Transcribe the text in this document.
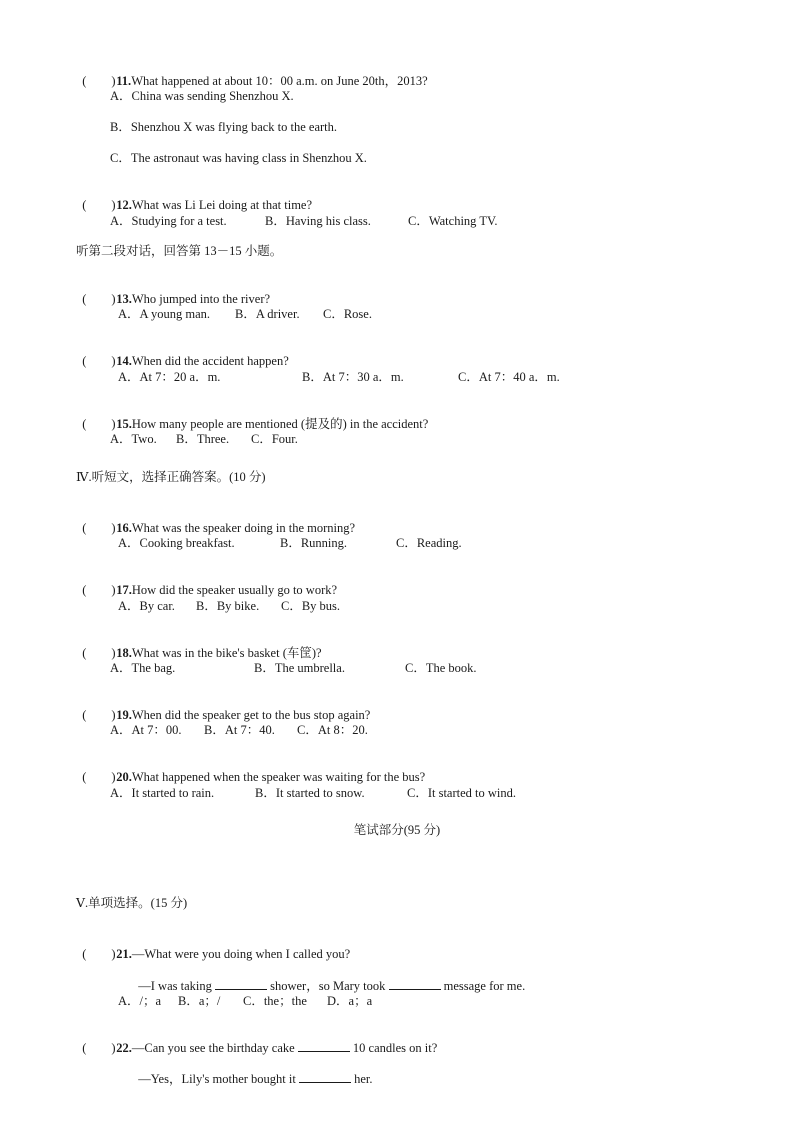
(　　)11.What happened at about 10：00 a.m. on June 20th，2013?

A．China was sending Shenzhou X.
B．Shenzhou X was flying back to the earth.
C．The astronaut was having class in Shenzhou X.

(　　)12.What was Li Lei doing at that time?

A．Studying for a test.	B．Having his class.	C．Watching TV.
听第二段对话，回答第 13－15 小题。

(　　)13.Who jumped into the river?

A．A young man. B．A driver. C．Rose.

(　　)14.When did the accident happen?

A．At 7：20 a．m.	B．At 7：30 a．m.	C．At 7：40 a．m.

(　　)15.How many people are mentioned (提及的) in the accident?

A．Two. B．Three. C．Four.
Ⅳ.听短文，选择正确答案。(10 分)

(　　)16.What was the speaker doing in the morning?

A．Cooking breakfast.	B．Running.	C．Reading.

(　　)17.How did the speaker usually go to work?

A．By car. B．By bike. C．By bus.

(　　)18.What was in the bike's basket (车筐)?

A．The bag.	B．The umbrella.	C．The book.

(　　)19.When did the speaker get to the bus stop again?

A．At 7：00. B．At 7：40. C．At 8：20.

(　　)20.What happened when the speaker was waiting for the bus?

A．It started to rain.	B．It started to snow.	C．It started to wind.
笔试部分(95 分)
Ⅴ.单项选择。(15 分)

(　　)21.—What were you doing when I called you?

—I was taking	shower，so Mary took	message for me.

A．/；a B．a；/ C．the；the D．a；a

(　　)22.—Can you see the birthday cake	10 candles on it?

—Yes，Lily's mother bought it	her.
